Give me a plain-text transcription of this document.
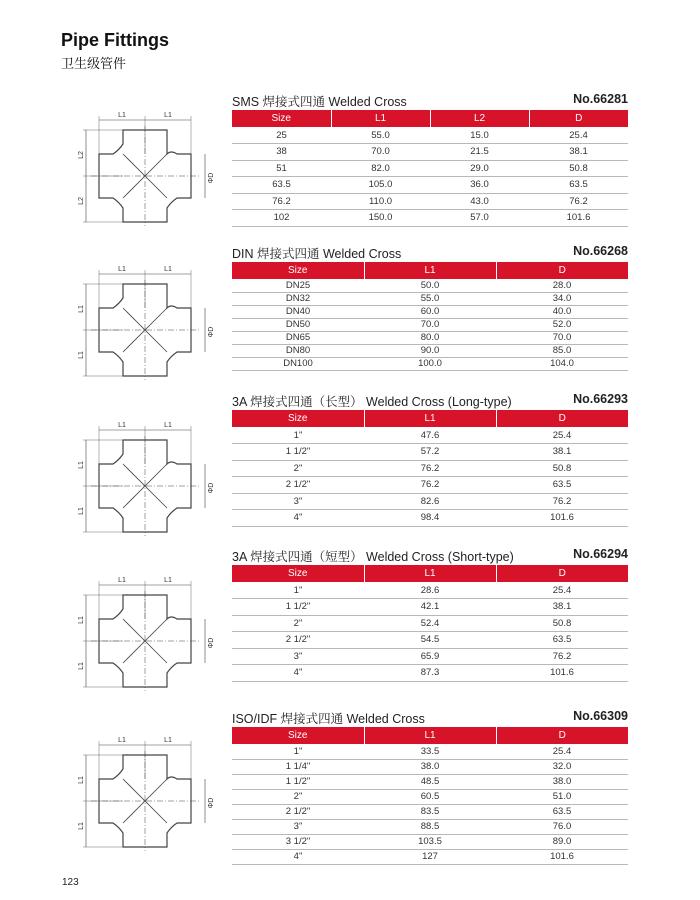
Pipe Fittings
卫生级管件
SMS 焊接式四通 Welded Cross	No.66281
Size	L1	L2	D
25	55.0	15.0	25.4
38	70.0	21.5	38.1
51	82.0	29.0	50.8
63.5	105.0	36.0	63.5
76.2	110.0	43.0	76.2
102	150.0	57.0	101.6
DIN 焊接式四通 Welded Cross	No.66268
Size	L1	D
DN25	50.0	28.0
DN32	55.0	34.0
DN40	60.0	40.0
DN50	70.0	52.0
DN65	80.0	70.0
DN80	90.0	85.0
DN100	100.0	104.0
3A 焊接式四通（长型） Welded Cross (Long-type)	No.66293
Size	L1	D
1"	47.6	25.4
1 1/2"	57.2	38.1
2"	76.2	50.8
2 1/2"	76.2	63.5
3"	82.6	76.2
4"	98.4	101.6
3A 焊接式四通（短型） Welded Cross (Short-type)	No.66294
Size	L1	D
1"	28.6	25.4
1 1/2"	42.1	38.1
2"	52.4	50.8
2 1/2"	54.5	63.5
3"	65.9	76.2
4"	87.3	101.6
ISO/IDF 焊接式四通 Welded Cross	No.66309
Size	L1	D
1"	33.5	25.4
1 1/4"	38.0	32.0
1 1/2"	48.5	38.0
2"	60.5	51.0
2 1/2"	83.5	63.5
3"	88.5	76.0
3 1/2"	103.5	89.0
4"	127	101.6
L1	L1
L2
L2
ΦD
L1	L1
L1
L1
ΦD
L1	L1
L1
L1
ΦD
L1	L1
L1
L1
ΦD
L1	L1
L1
L1
ΦD
123
